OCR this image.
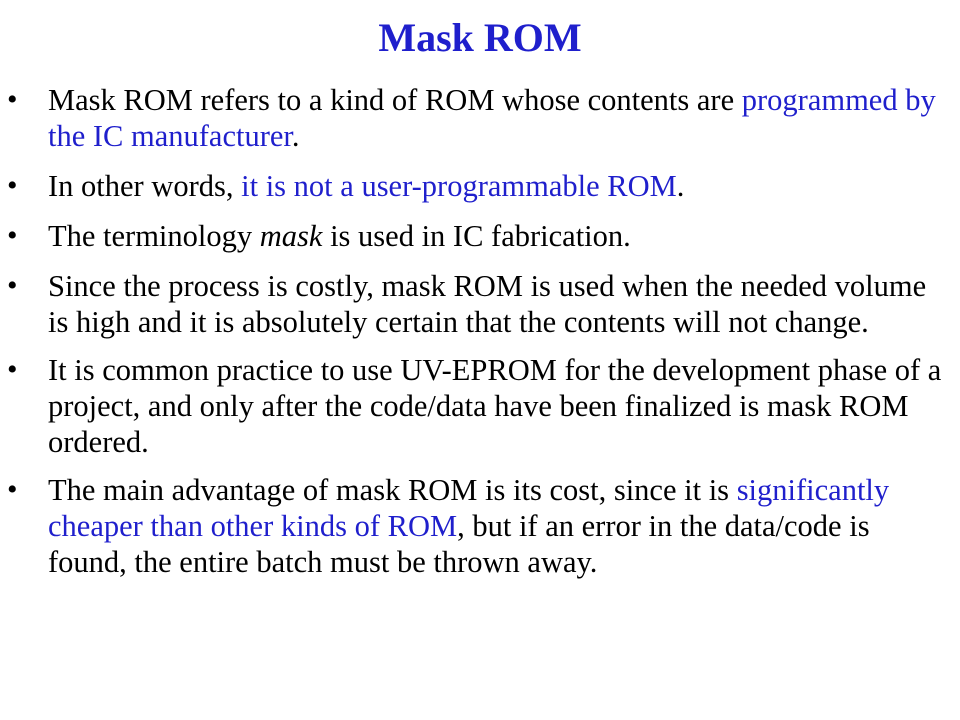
Mask ROM
• Mask ROM refers to a kind of ROM whose contents are programmed by the IC manufacturer.
• In other words, it is not a user-programmable ROM.
• The terminology mask is used in IC fabrication.
• Since the process is costly, mask ROM is used when the needed volume is high and it is absolutely certain that the contents will not change.
• It is common practice to use UV-EPROM for the development phase of a project, and only after the code/data have been finalized is mask ROM ordered.
• The main advantage of mask ROM is its cost, since it is significantly cheaper than other kinds of ROM, but if an error in the data/code is found, the entire batch must be thrown away.
